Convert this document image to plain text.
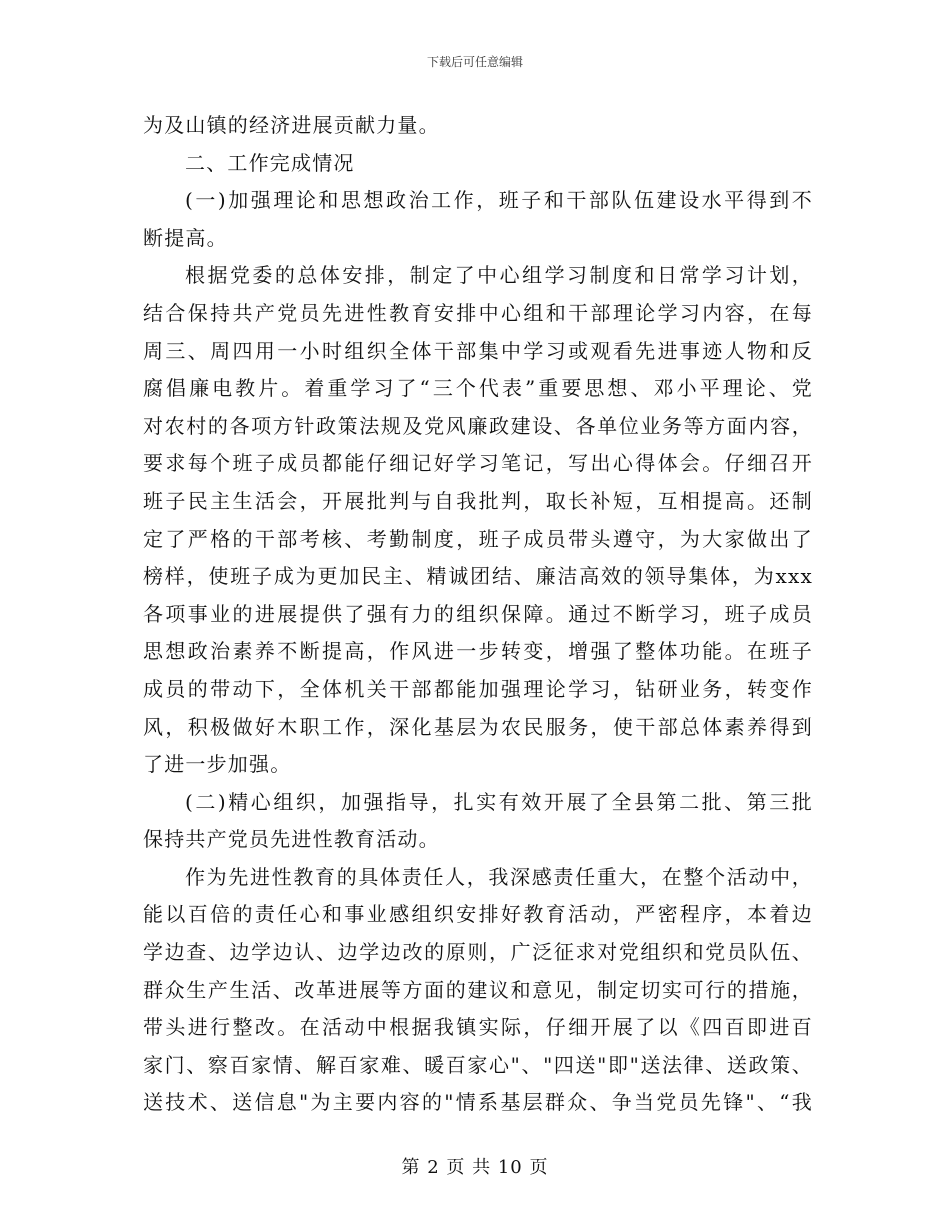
下载后可任意编辑
为及山镇的经济进展贡献力量。
二、工作完成情况
(一)加强理论和思想政治工作，班子和干部队伍建设水平得到不
断提高。
根据党委的总体安排，制定了中心组学习制度和日常学习计划，
结合保持共产党员先进性教育安排中心组和干部理论学习内容，在每
周三、周四用一小时组织全体干部集中学习或观看先进事迹人物和反
腐倡廉电教片。着重学习了“三个代表”重要思想、邓小平理论、党
对农村的各项方针政策法规及党风廉政建设、各单位业务等方面内容，
要求每个班子成员都能仔细记好学习笔记，写出心得体会。仔细召开
班子民主生活会，开展批判与自我批判，取长补短，互相提高。还制
定了严格的干部考核、考勤制度，班子成员带头遵守，为大家做出了
榜样，使班子成为更加民主、精诚团结、廉洁高效的领导集体，为xxx
各项事业的进展提供了强有力的组织保障。通过不断学习，班子成员
思想政治素养不断提高，作风进一步转变，增强了整体功能。在班子
成员的带动下，全体机关干部都能加强理论学习，钻研业务，转变作
风，积极做好木职工作，深化基层为农民服务，使干部总体素养得到
了进一步加强。
(二)精心组织，加强指导，扎实有效开展了全县第二批、第三批
保持共产党员先进性教育活动。
作为先进性教育的具体责任人，我深感责任重大，在整个活动中，
能以百倍的责任心和事业感组织安排好教育活动，严密程序，本着边
学边查、边学边认、边学边改的原则，广泛征求对党组织和党员队伍、
群众生产生活、改革进展等方面的建议和意见，制定切实可行的措施，
带头进行整改。在活动中根据我镇实际，仔细开展了以《四百即进百
家门、察百家情、解百家难、暖百家心"、"四送"即"送法律、送政策、
送技术、送信息"为主要内容的"情系基层群众、争当党员先锋"、“我
第 2 页 共 10 页
